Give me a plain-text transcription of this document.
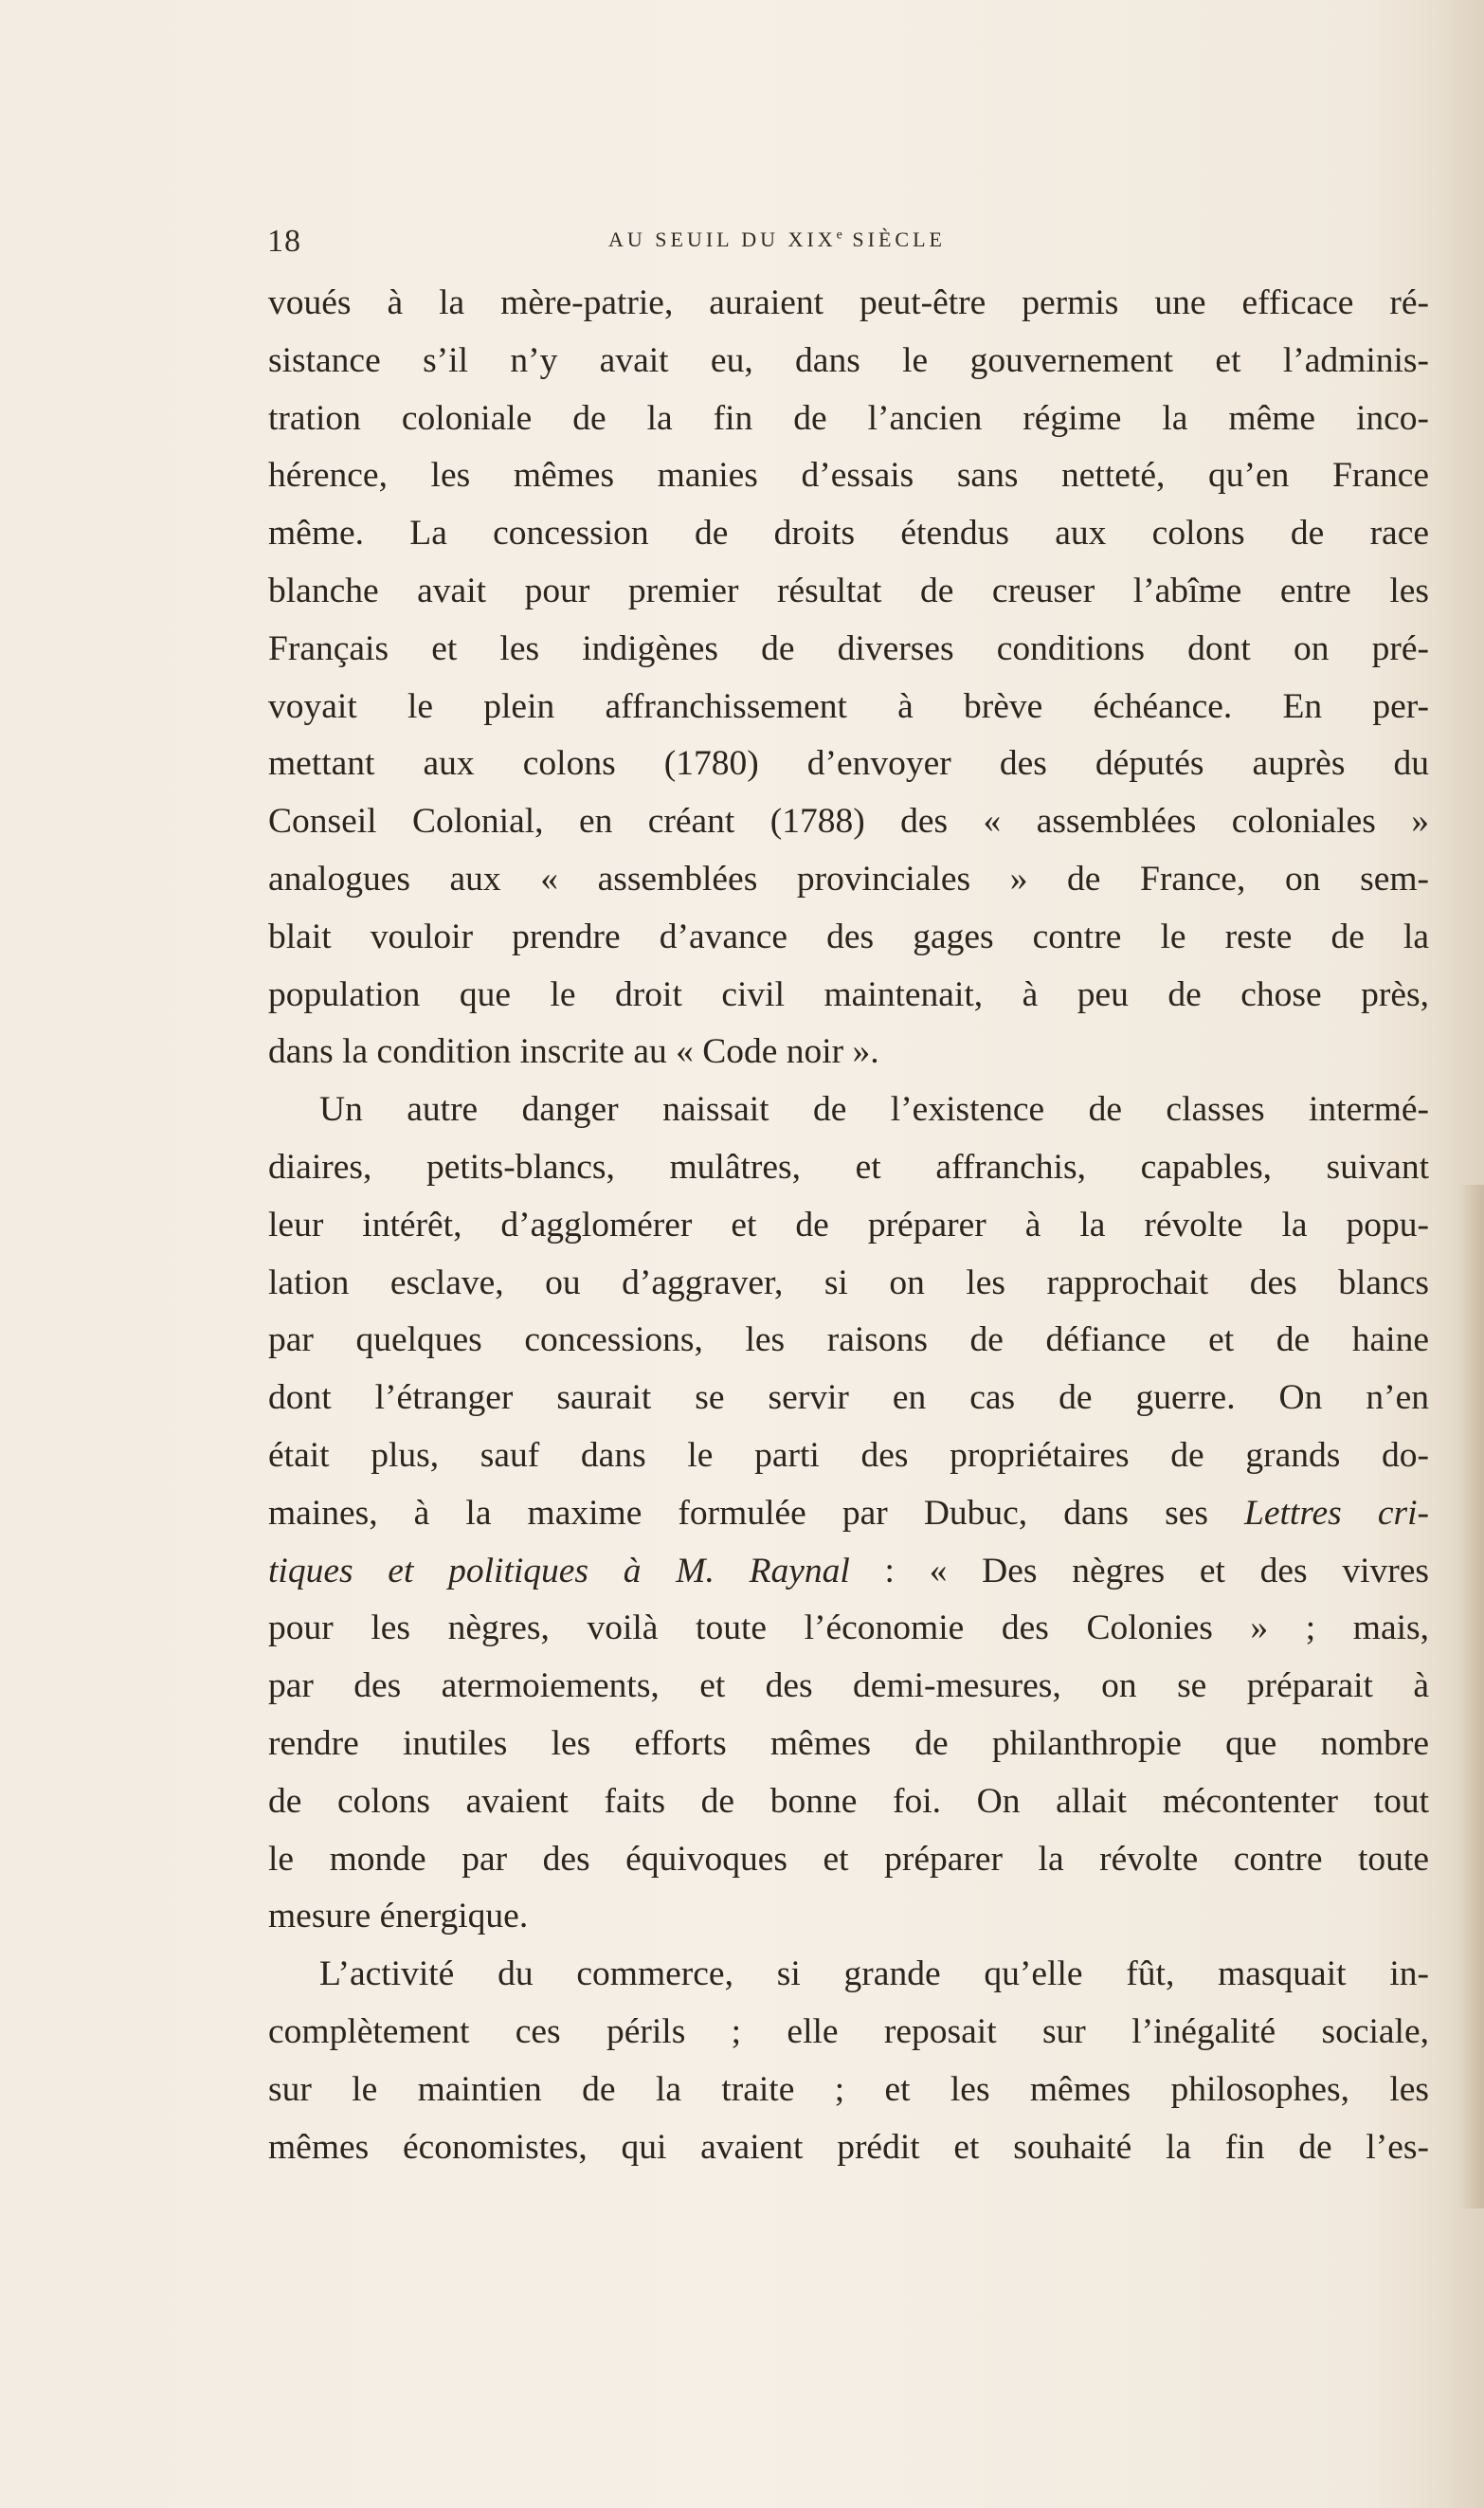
18	AU SEUIL DU XIXe SIÈCLE
voués à la mère-patrie, auraient peut-être permis une efficace ré-
sistance s’il n’y avait eu, dans le gouvernement et l’adminis-
tration coloniale de la fin de l’ancien régime la même inco-
hérence, les mêmes manies d’essais sans netteté, qu’en France
même. La concession de droits étendus aux colons de race
blanche avait pour premier résultat de creuser l’abîme entre les
Français et les indigènes de diverses conditions dont on pré-
voyait le plein affranchissement à brève échéance. En per-
mettant aux colons (1780) d’envoyer des députés auprès du
Conseil Colonial, en créant (1788) des « assemblées coloniales »
analogues aux « assemblées provinciales » de France, on sem-
blait vouloir prendre d’avance des gages contre le reste de la
population que le droit civil maintenait, à peu de chose près,
dans la condition inscrite au « Code noir ».
Un autre danger naissait de l’existence de classes intermé-
diaires, petits-blancs, mulâtres, et affranchis, capables, suivant
leur intérêt, d’agglomérer et de préparer à la révolte la popu-
lation esclave, ou d’aggraver, si on les rapprochait des blancs
par quelques concessions, les raisons de défiance et de haine
dont l’étranger saurait se servir en cas de guerre. On n’en
était plus, sauf dans le parti des propriétaires de grands do-
maines, à la maxime formulée par Dubuc, dans ses Lettres cri-
tiques et politiques à M. Raynal : « Des nègres et des vivres
pour les nègres, voilà toute l’économie des Colonies » ; mais,
par des atermoiements, et des demi-mesures, on se préparait à
rendre inutiles les efforts mêmes de philanthropie que nombre
de colons avaient faits de bonne foi. On allait mécontenter tout
le monde par des équivoques et préparer la révolte contre toute
mesure énergique.
L’activité du commerce, si grande qu’elle fût, masquait in-
complètement ces périls ; elle reposait sur l’inégalité sociale,
sur le maintien de la traite ; et les mêmes philosophes, les
mêmes économistes, qui avaient prédit et souhaité la fin de l’es-
